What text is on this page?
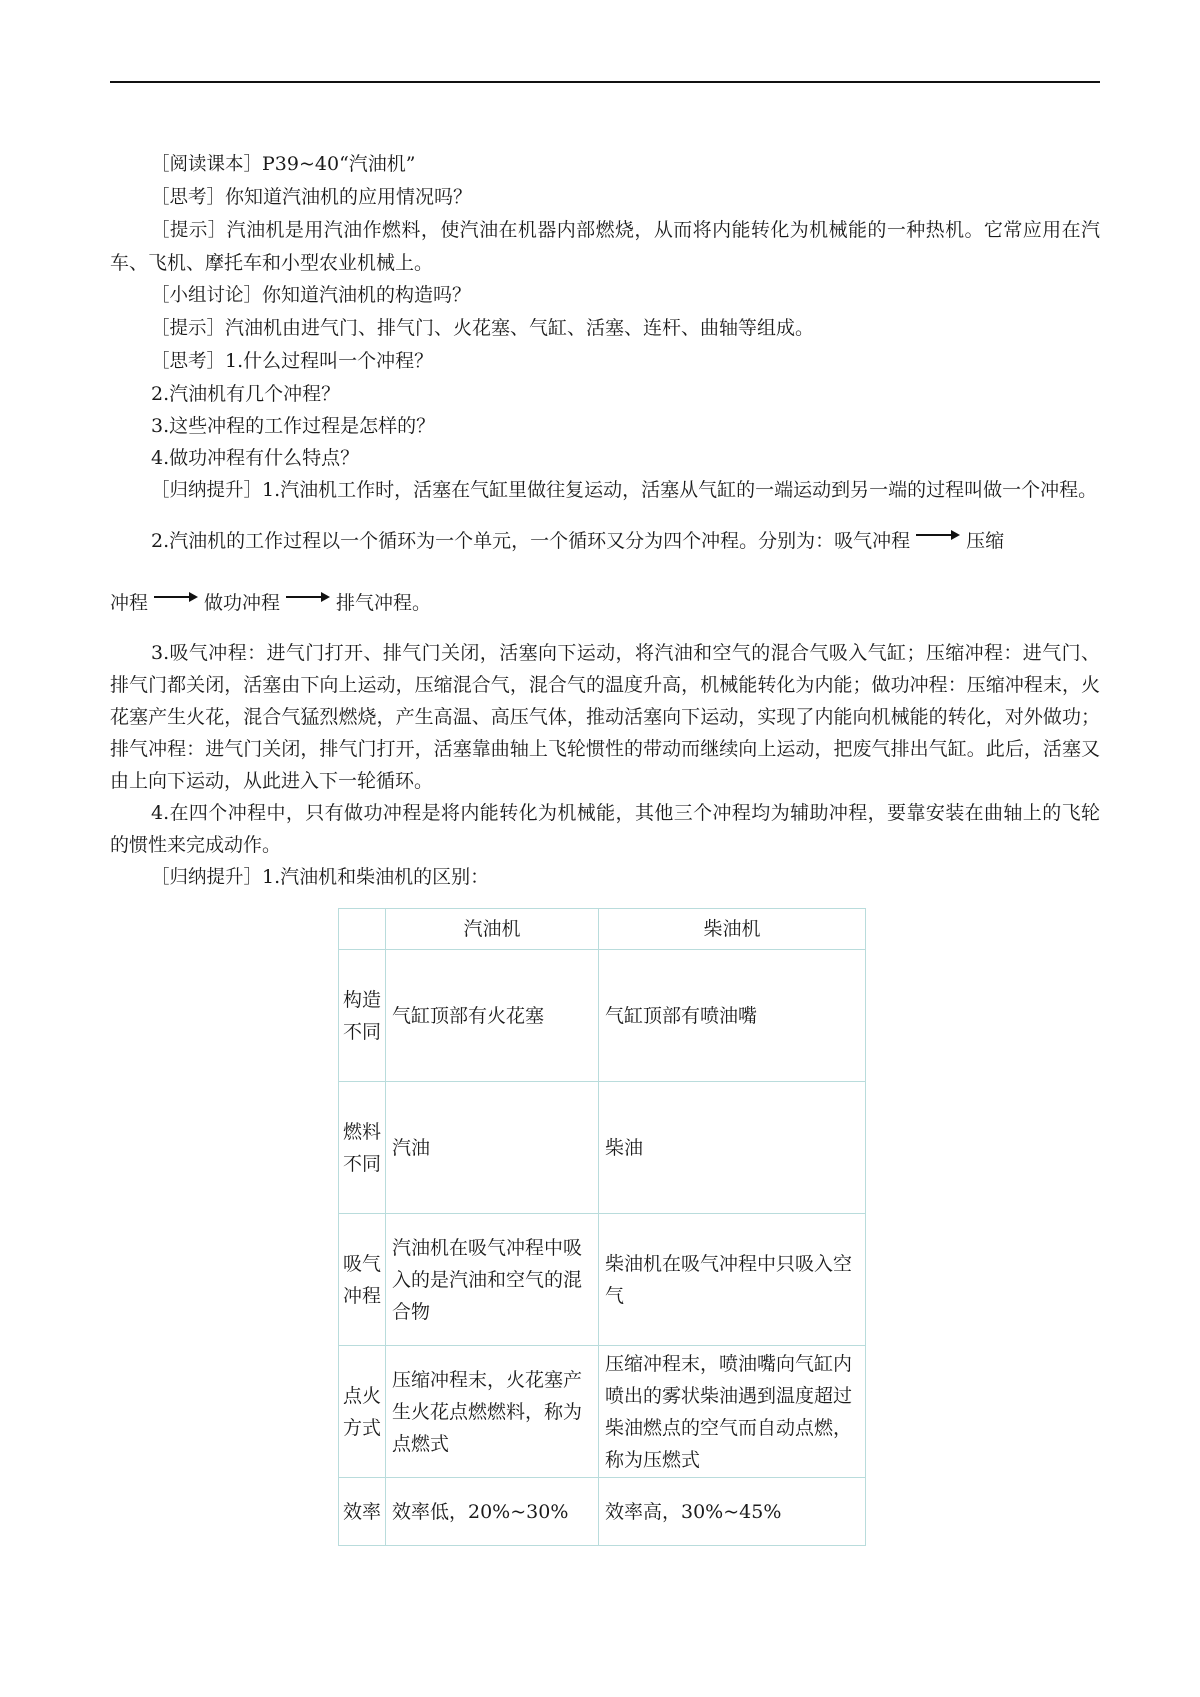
［阅读课本］P39~40“汽油机”

［思考］你知道汽油机的应用情况吗？

［提示］汽油机是用汽油作燃料，使汽油在机器内部燃烧，从而将内能转化为机械能的一种热机。它常应用在汽车、飞机、摩托车和小型农业机械上。

［小组讨论］你知道汽油机的构造吗？

［提示］汽油机由进气门、排气门、火花塞、气缸、活塞、连杆、曲轴等组成。

［思考］1.什么过程叫一个冲程？

2.汽油机有几个冲程？

3.这些冲程的工作过程是怎样的？

4.做功冲程有什么特点？

［归纳提升］1.汽油机工作时，活塞在气缸里做往复运动，活塞从气缸的一端运动到另一端的过程叫做一个冲程。

2.汽油机的工作过程以一个循环为一个单元，一个循环又分为四个冲程。分别为：吸气冲程	压缩

冲程	做功冲程	排气冲程。

3.吸气冲程：进气门打开、排气门关闭，活塞向下运动，将汽油和空气的混合气吸入气缸；压缩冲程：进气门、排气门都关闭，活塞由下向上运动，压缩混合气，混合气的温度升高，机械能转化为内能；做功冲程：压缩冲程末，火花塞产生火花，混合气猛烈燃烧，产生高温、高压气体，推动活塞向下运动，实现了内能向机械能的转化，对外做功；排气冲程：进气门关闭，排气门打开，活塞靠曲轴上飞轮惯性的带动而继续向上运动，把废气排出气缸。此后，活塞又由上向下运动，从此进入下一轮循环。

4.在四个冲程中，只有做功冲程是将内能转化为机械能，其他三个冲程均为辅助冲程，要靠安装在曲轴上的飞轮的惯性来完成动作。

［归纳提升］1.汽油机和柴油机的区别：

	汽油机	柴油机
构造不同	气缸顶部有火花塞	气缸顶部有喷油嘴
燃料不同	汽油	柴油
吸气冲程	汽油机在吸气冲程中吸入的是汽油和空气的混合物	柴油机在吸气冲程中只吸入空气
点火方式	压缩冲程末，火花塞产生火花点燃燃料，称为点燃式	压缩冲程末，喷油嘴向气缸内喷出的雾状柴油遇到温度超过柴油燃点的空气而自动点燃，称为压燃式
效率	效率低，20%~30%	效率高，30%~45%
